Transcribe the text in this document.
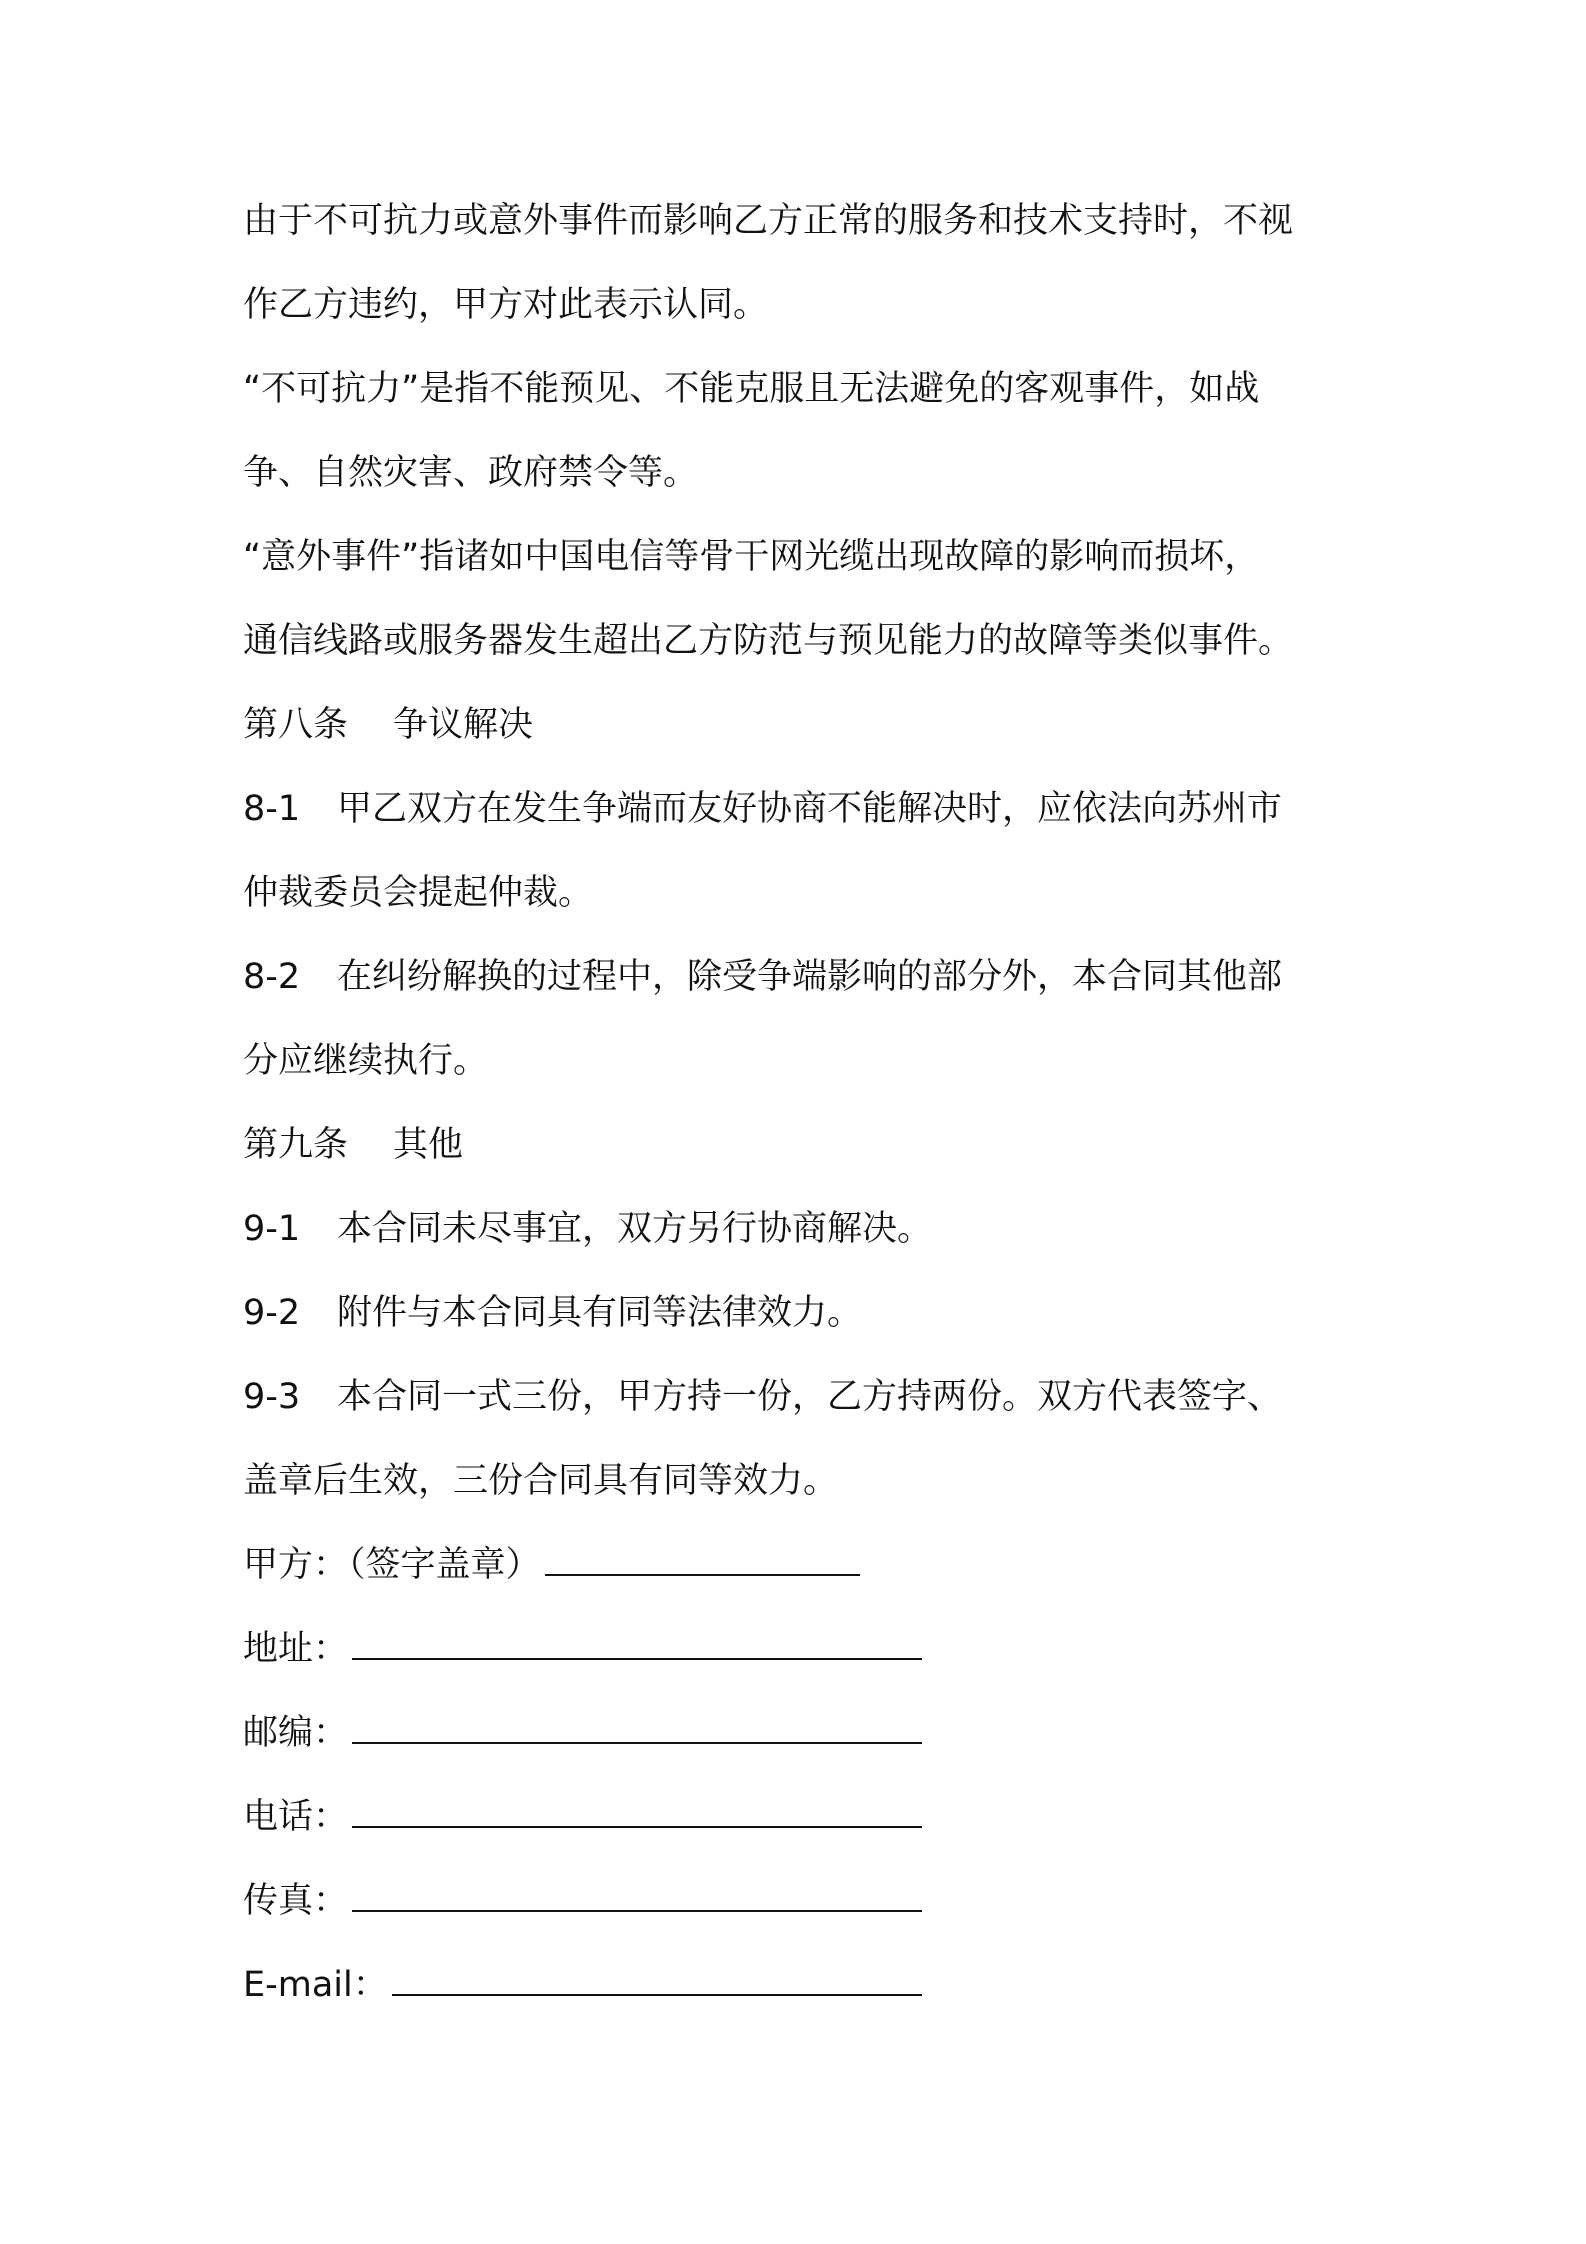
由于不可抗力或意外事件而影响乙方正常的服务和技术支持时，不视
作乙方违约，甲方对此表示认同。
“不可抗力”是指不能预见、不能克服且无法避免的客观事件，如战
争、自然灾害、政府禁令等。
“意外事件”指诸如中国电信等骨干网光缆出现故障的影响而损坏，
通信线路或服务器发生超出乙方防范与预见能力的故障等类似事件。
第八条 争议解决
8-1 甲乙双方在发生争端而友好协商不能解决时，应依法向苏州市
仲裁委员会提起仲裁。
8-2 在纠纷解换的过程中，除受争端影响的部分外，本合同其他部
分应继续执行。
第九条 其他
9-1 本合同未尽事宜，双方另行协商解决。
9-2 附件与本合同具有同等法律效力。
9-3 本合同一式三份，甲方持一份，乙方持两份。双方代表签字、
盖章后生效，三份合同具有同等效力。
甲方：（签字盖章）
地址：
邮编：
电话：
传真：
E-mail：
